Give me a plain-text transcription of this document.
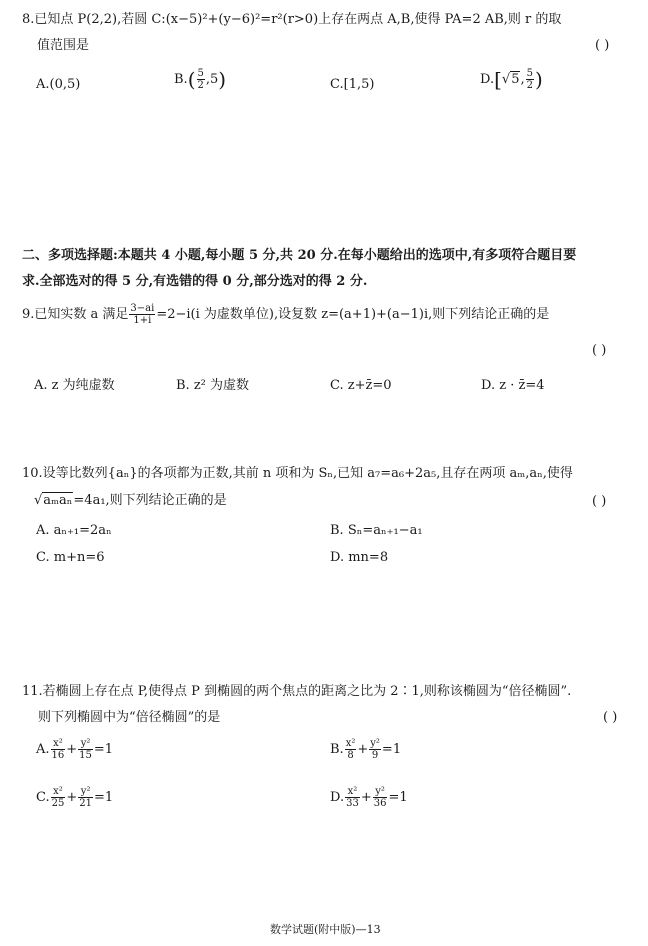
8.已知点 P(2,2),若圆 C:(x−5)²+(y−6)²=r²(r>0)上存在两点 A,B,使得 PA=2 AB,则 r 的取
值范围是	( )
A.(0,5)	$B.( \frac{5}{2} ,5)$	C.[1,5)	D.[√5, $\frac{5}{2}$ )
二、多项选择题:本题共 4 小题,每小题 5 分,共 20 分.在每小题给出的选项中,有多项符合题目要
求.全部选对的得 5 分,有选错的得 0 分,部分选对的得 2 分.
9.已知实数 a 满足 $\frac{3-ai}{1+i} =2-i(i$ 为虚数单位),设复数 z=(a+1)+(a−1)i,则下列结论正确的是
( )
A. z 为纯虚数	B. z² 为虚数	C. z+z̄=0	D. z · z̄=4
10.设等比数列{aₙ}的各项都为正数,其前 n 项和为 Sₙ,已知 a₇=a₆+2a₅,且存在两项 aₘ,aₙ,使得
√aₘaₙ=4a₁,则下列结论正确的是	( )
A. aₙ₊₁=2aₙ	B. Sₙ=aₙ₊₁−a₁
C. m+n=6	D. mn=8
11.若椭圆上存在点 P,使得点 P 到椭圆的两个焦点的距离之比为 2∶1,则称该椭圆为“倍径椭圆”.
则下列椭圆中为“倍径椭圆”的是	( )
A. $\frac{\text{x²}}{16} + \frac{\text{y²}}{15} =1$	B. $\frac{\text{x²}}{8} + \frac{\text{y²}}{9} =1$
C. $\frac{\text{x²}}{25} + \frac{\text{y²}}{21} =1$	D. $\frac{\text{x²}}{33} + \frac{\text{y²}}{36} =1$
数学试题(附中版)—13
